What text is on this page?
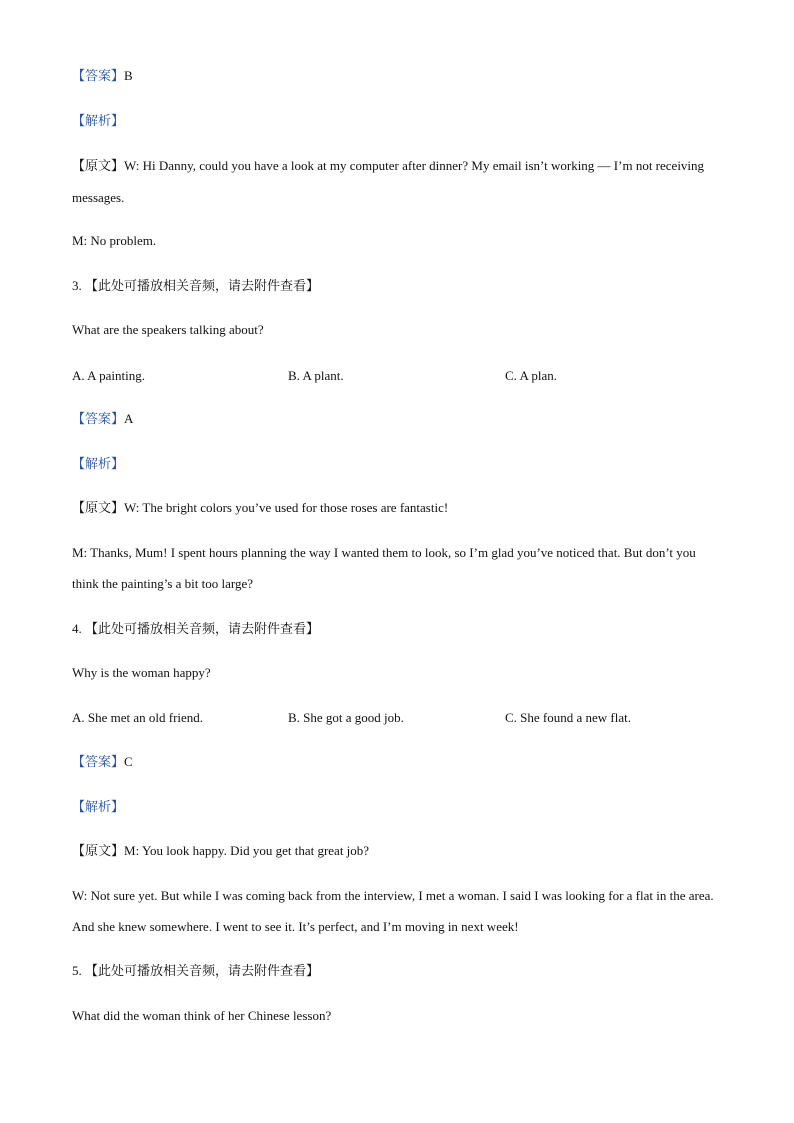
【答案】B
【解析】
【原文】W: Hi Danny, could you have a look at my computer after dinner? My email isn’t working — I’m not receiving messages.
M: No problem.
3. 【此处可播放相关音频，请去附件查看】
What are the speakers talking about?
A. A painting.	B. A plant.	C. A plan.
【答案】A
【解析】
【原文】W: The bright colors you’ve used for those roses are fantastic!
M: Thanks, Mum! I spent hours planning the way I wanted them to look, so I’m glad you’ve noticed that. But don’t you think the painting’s a bit too large?
4. 【此处可播放相关音频，请去附件查看】
Why is the woman happy?
A. She met an old friend.	B. She got a good job.	C. She found a new flat.
【答案】C
【解析】
【原文】M: You look happy. Did you get that great job?
W: Not sure yet. But while I was coming back from the interview, I met a woman. I said I was looking for a flat in the area. And she knew somewhere. I went to see it. It’s perfect, and I’m moving in next week!
5. 【此处可播放相关音频，请去附件查看】
What did the woman think of her Chinese lesson?
